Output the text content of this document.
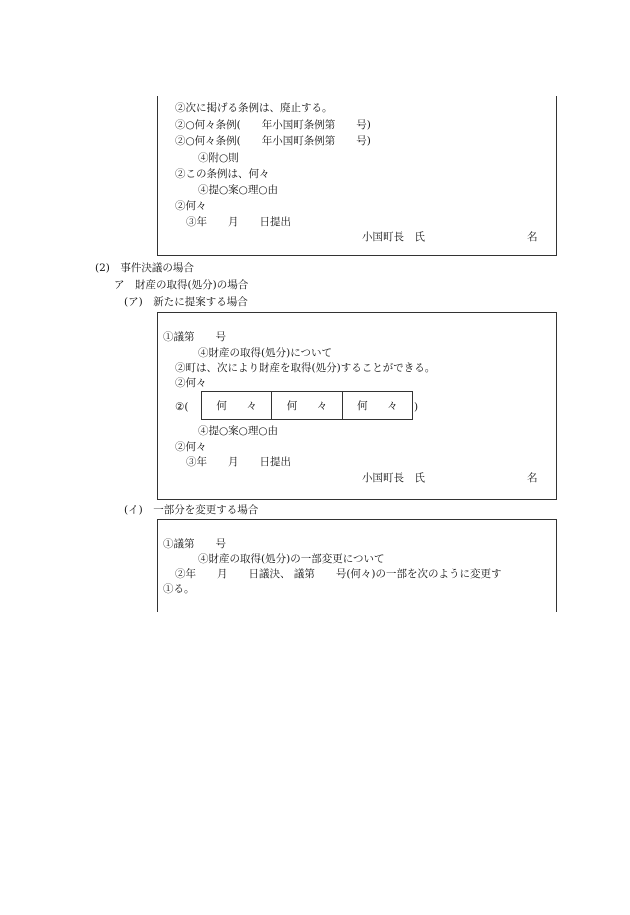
②次に掲げる条例は、廃止する。
②○何々条例(　　年小国町条例第　　号)
②○何々条例(　　年小国町条例第　　号)
④附○則
②この条例は、何々
④提○案○理○由
②何々
③年　　月　　日提出
小国町長　氏	名
(2)　事件決議の場合
ア　財産の取得(処分)の場合
(ア)　新たに提案する場合
①議第　　号
④財産の取得(処分)について
②町は、次により財産を取得(処分)することができる。
②何々
②(	何 々	何 々	何 々 )
④提○案○理○由
②何々
③年　　月　　日提出
小国町長　氏	名
(イ)　一部分を変更する場合
①議第　　号
④財産の取得(処分)の一部変更について
②年　　月　　日議決、 議第　　号(何々)の一部を次のように変更す
①る。
